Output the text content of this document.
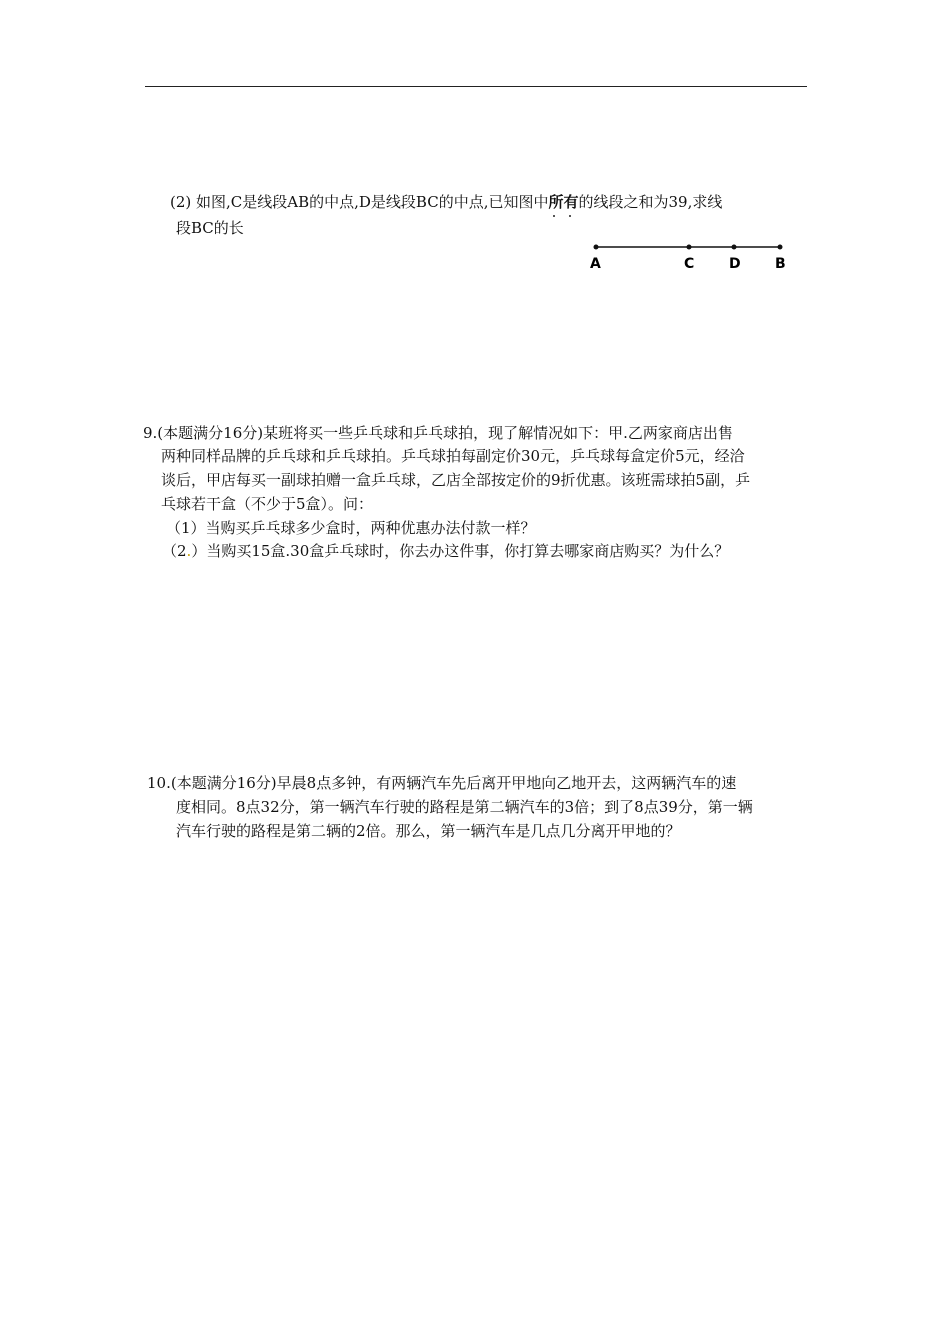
(2) 如图,C是线段AB的中点,D是线段BC的中点,已知图中所有
的线段之和为39,求线
段BC的长
A	C D B
9.(本题满分16分)某班将买一些乒乓球和乒乓球拍，现了解情况如下：甲.乙两家商店出售
两种同样品牌的乒乓球和乒乓球拍。乒乓球拍每副定价30元，乒乓球每盒定价5元，经洽
谈后，甲店每买一副球拍赠一盒乒乓球，乙店全部按定价的9折优惠。该班需球拍5副，乒
乓球若干盒（不少于5盒）。问：
（1）当购买乒乓球多少盒时，两种优惠办法付款一样？
（2.）当购买15盒.30盒乒乓球时，你去办这件事，你打算去哪家商店购买？为什么？
10.(本题满分16分)早晨8点多钟，有两辆汽车先后离开甲地向乙地开去，这两辆汽车的速
度相同。8点32分，第一辆汽车行驶的路程是第二辆汽车的3倍；到了8点39分，第一辆
汽车行驶的路程是第二辆的2倍。那么，第一辆汽车是几点几分离开甲地的？
